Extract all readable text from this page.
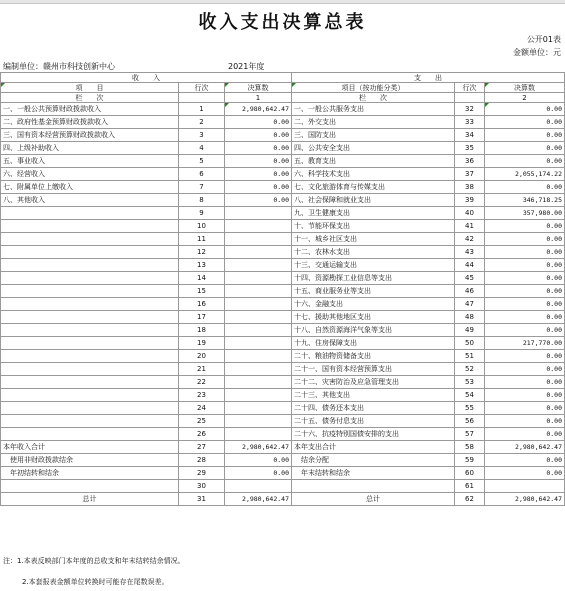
收入支出决算总表
公开01表
金额单位：元
编制单位：赣州市科技创新中心	2021年度
收　　入			支　　出		
项　　目	行次	决算数	项目（按功能分类）	行次	决算数
栏　　次		1	栏　　次		2
一、一般公共预算财政拨款收入	1	2,980,642.47	一、一般公共服务支出	32	0.00
二、政府性基金预算财政拨款收入	2	0.00	二、外交支出	33	0.00
三、国有资本经营预算财政拨款收入	3	0.00	三、国防支出	34	0.00
四、上级补助收入	4	0.00	四、公共安全支出	35	0.00
五、事业收入	5	0.00	五、教育支出	36	0.00
六、经营收入	6	0.00	六、科学技术支出	37	2,055,174.22
七、附属单位上缴收入	7	0.00	七、文化旅游体育与传媒支出	38	0.00
八、其他收入	8	0.00	八、社会保障和就业支出	39	346,718.25
	9		九、卫生健康支出	40	357,980.00
	10		十、节能环保支出	41	0.00
	11		十一、城乡社区支出	42	0.00
	12		十二、农林水支出	43	0.00
	13		十三、交通运输支出	44	0.00
	14		十四、资源勘探工业信息等支出	45	0.00
	15		十五、商业服务业等支出	46	0.00
	16		十六、金融支出	47	0.00
	17		十七、援助其他地区支出	48	0.00
	18		十八、自然资源海洋气象等支出	49	0.00
	19		十九、住房保障支出	50	217,770.00
	20		二十、粮油物资储备支出	51	0.00
	21		二十一、国有资本经营预算支出	52	0.00
	22		二十二、灾害防治及应急管理支出	53	0.00
	23		二十三、其他支出	54	0.00
	24		二十四、债务还本支出	55	0.00
	25		二十五、债务付息支出	56	0.00
	26		二十六、抗疫特别国债安排的支出	57	0.00
本年收入合计	27	2,980,642.47	本年支出合计	58	2,980,642.47
　使用非财政拨款结余	28	0.00	　结余分配	59	0.00
　年初结转和结余	29	0.00	　年末结转和结余	60	0.00
	30			61	
总计	31	2,980,642.47	总计	62	2,980,642.47
注：1.本表反映部门本年度的总收支和年末结转结余情况。
2.本套报表金额单位转换时可能存在尾数误差。
